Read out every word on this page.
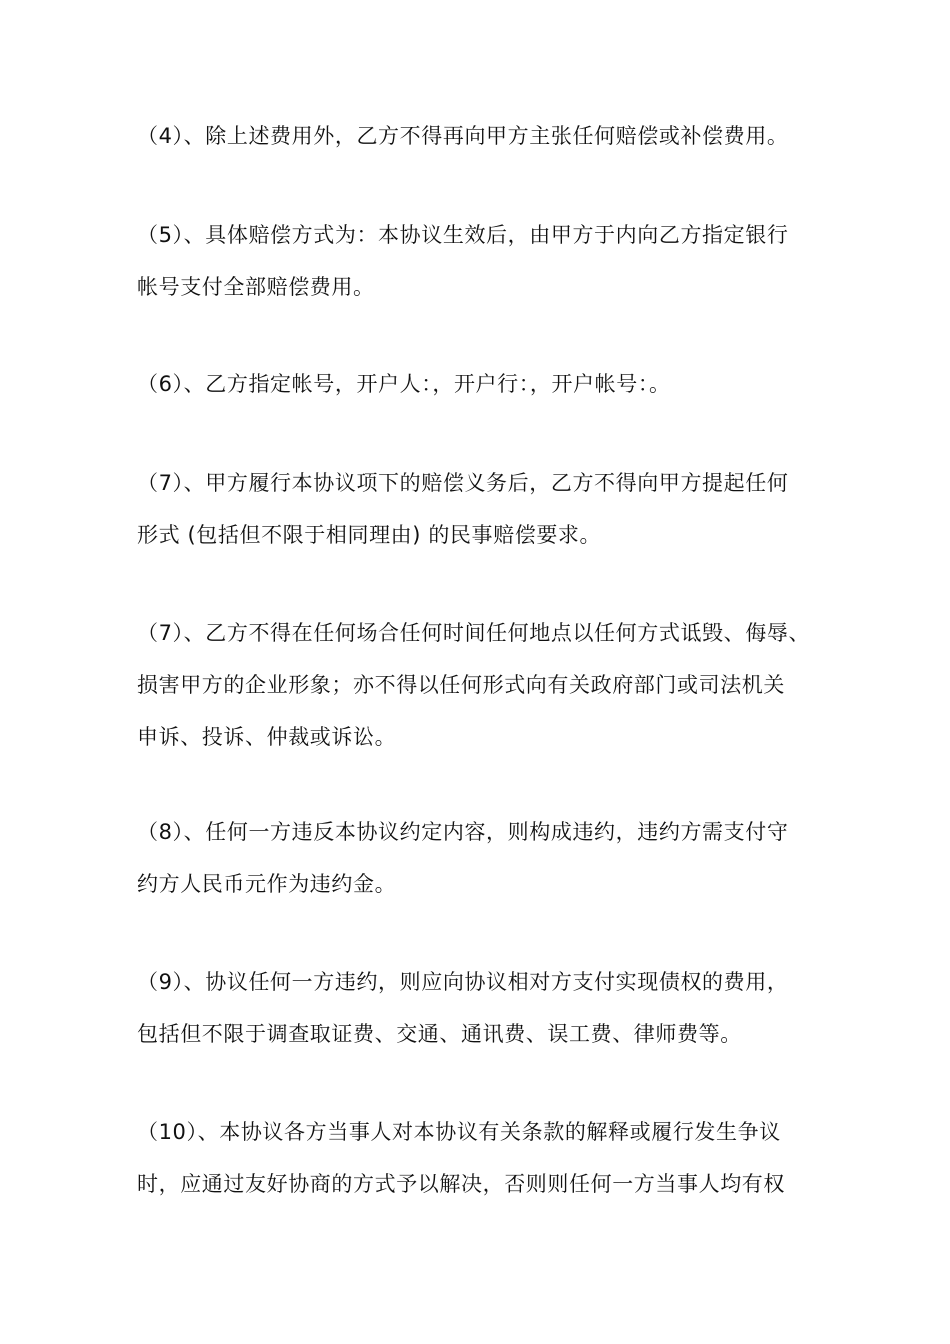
（4）、除上述费用外，乙方不得再向甲方主张任何赔偿或补偿费用。

（5）、具体赔偿方式为：本协议生效后，由甲方于内向乙方指定银行
帐号支付全部赔偿费用。

（6）、乙方指定帐号，开户人：，开户行：，开户帐号：。

（7）、甲方履行本协议项下的赔偿义务后，乙方不得向甲方提起任何
形式 (包括但不限于相同理由) 的民事赔偿要求。

（7）、乙方不得在任何场合任何时间任何地点以任何方式诋毁、侮辱、
损害甲方的企业形象；亦不得以任何形式向有关政府部门或司法机关
申诉、投诉、仲裁或诉讼。

（8）、任何一方违反本协议约定内容，则构成违约，违约方需支付守
约方人民币元作为违约金。

（9）、协议任何一方违约，则应向协议相对方支付实现债权的费用，
包括但不限于调查取证费、交通、通讯费、误工费、律师费等。

（10）、本协议各方当事人对本协议有关条款的解释或履行发生争议
时，应通过友好协商的方式予以解决，否则则任何一方当事人均有权
